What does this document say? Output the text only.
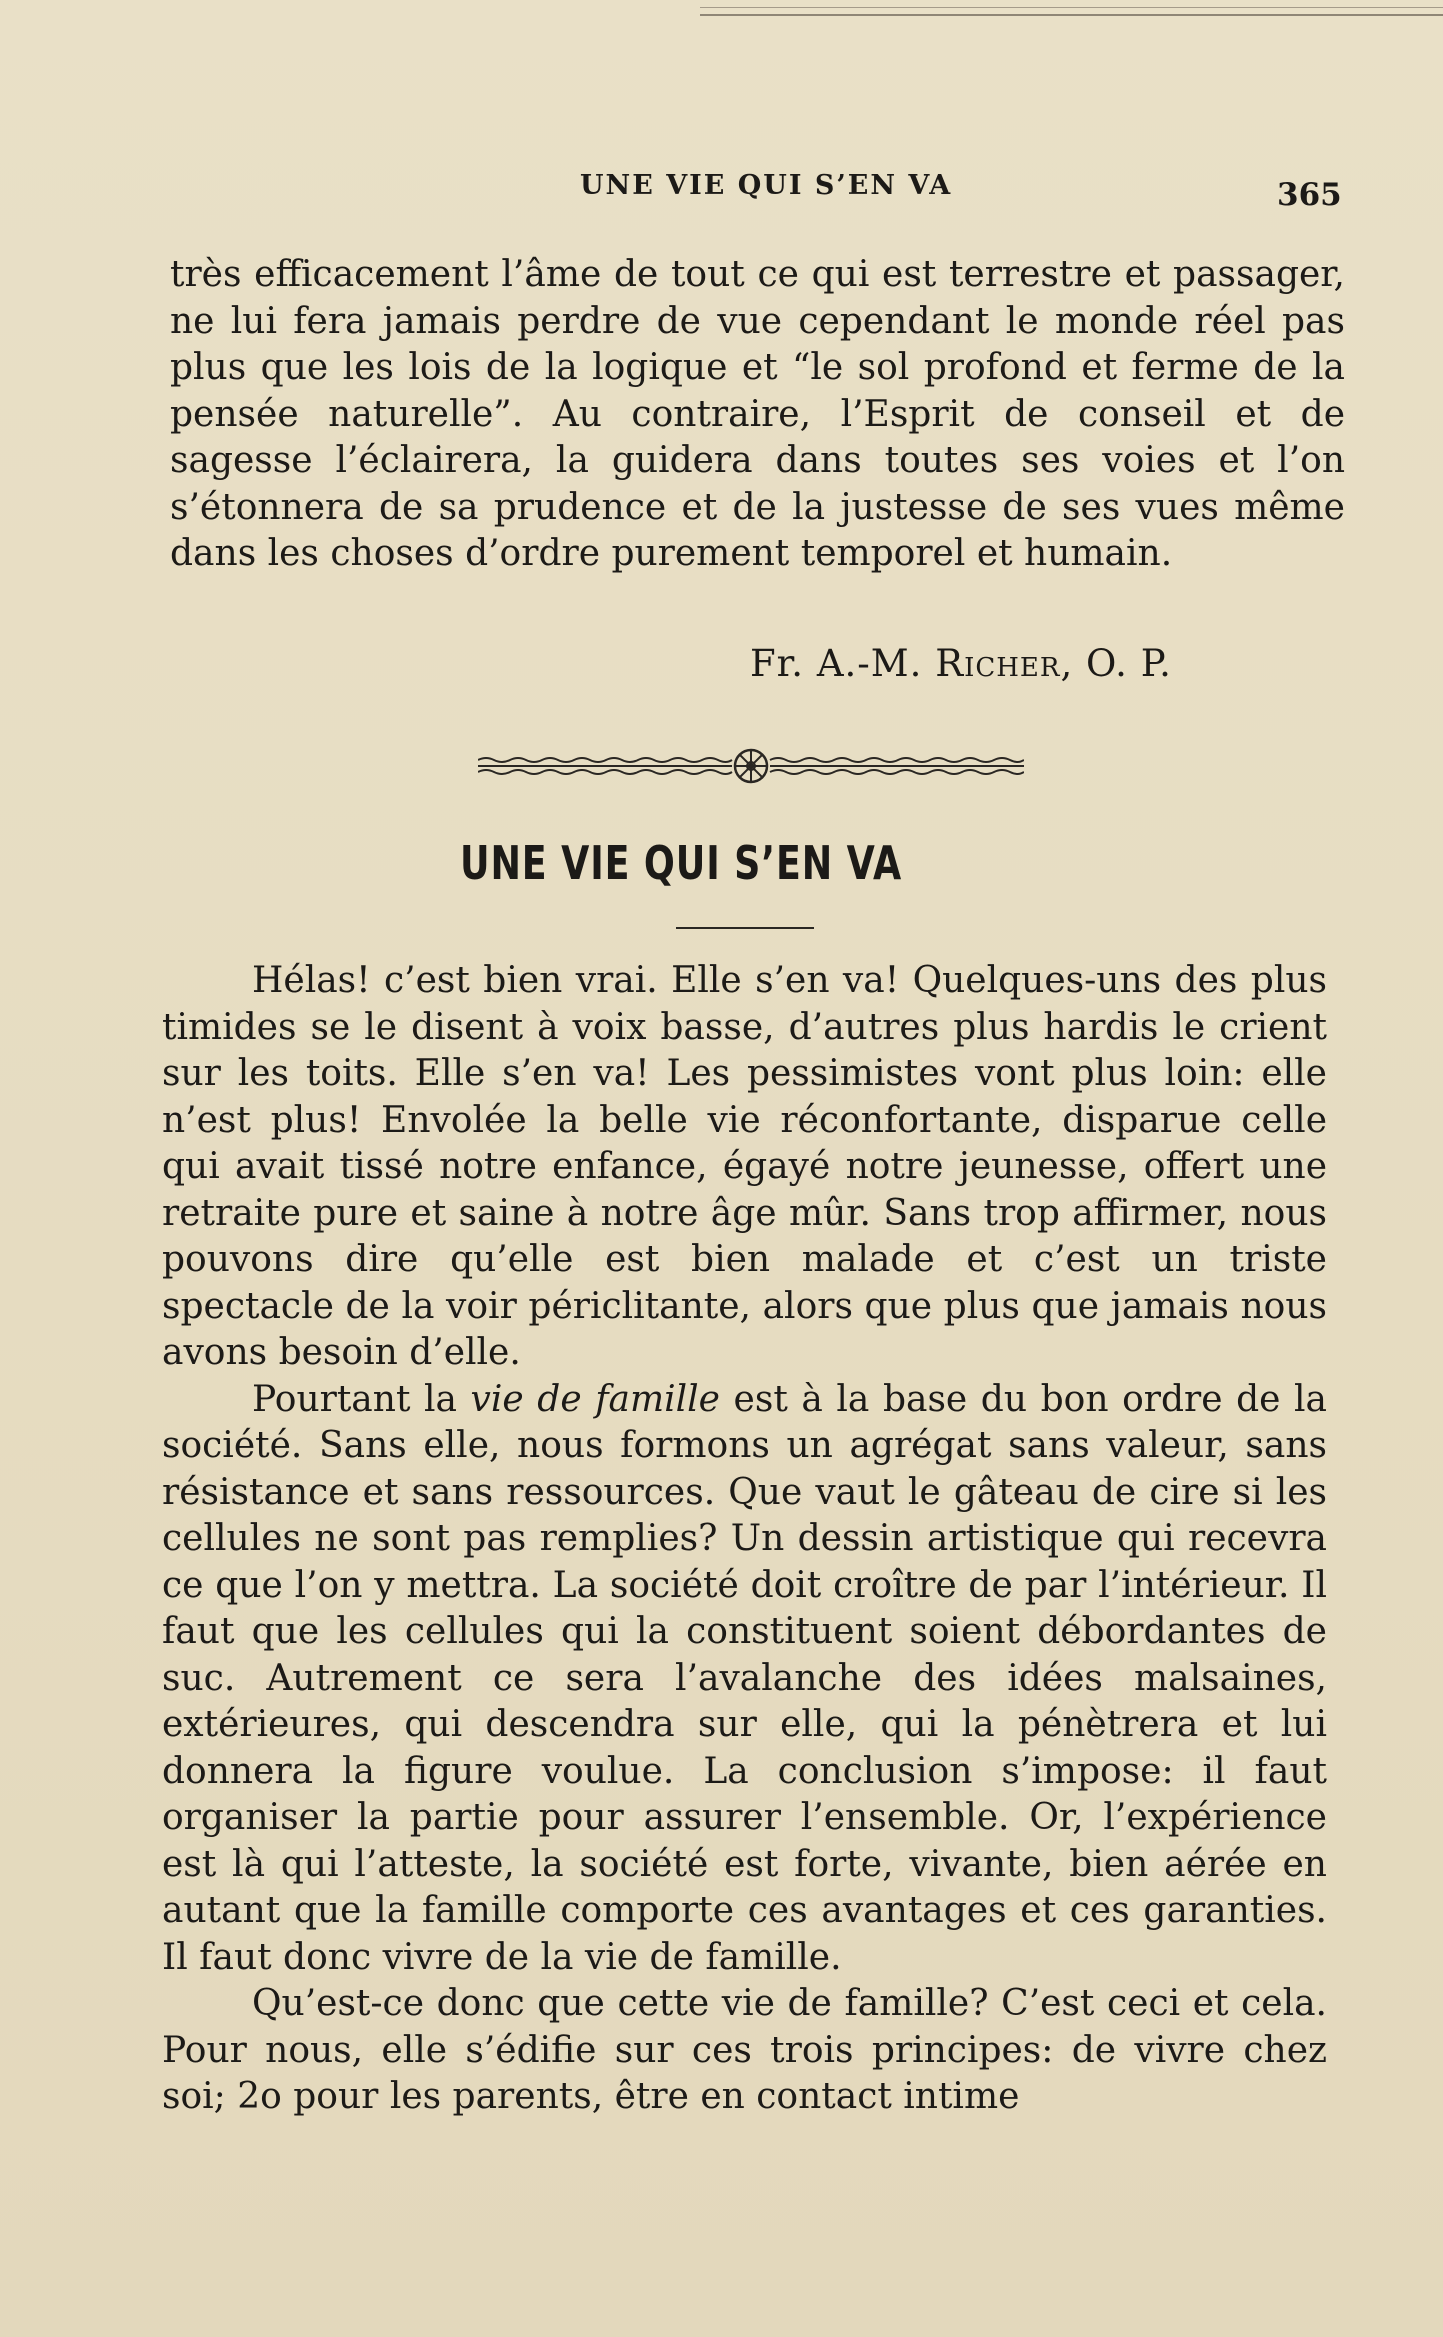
UNE VIE QUI S’EN VA	365

très efficacement l’âme de tout ce qui est terrestre et passager, ne lui fera jamais perdre de vue cependant le monde réel pas plus que les lois de la logique et “le sol profond et ferme de la pensée naturelle”. Au contraire, l’Esprit de conseil et de sagesse l’éclairera, la guidera dans toutes ses voies et l’on s’étonnera de sa prudence et de la justesse de ses vues même dans les choses d’ordre purement temporel et humain.

Fr. A.-M. Richer, O. P.
UNE VIE QUI S’EN VA

Hélas! c’est bien vrai. Elle s’en va! Quelques-uns des plus timides se le disent à voix basse, d’autres plus hardis le crient sur les toits. Elle s’en va! Les pessimistes vont plus loin: elle n’est plus! Envolée la belle vie réconfortante, disparue celle qui avait tissé notre enfance, égayé notre jeunesse, offert une retraite pure et saine à notre âge mûr. Sans trop affirmer, nous pouvons dire qu’elle est bien malade et c’est un triste spectacle de la voir périclitante, alors que plus que jamais nous avons besoin d’elle.

Pourtant la vie de famille est à la base du bon ordre de la société. Sans elle, nous formons un agrégat sans valeur, sans résistance et sans ressources. Que vaut le gâteau de cire si les cellules ne sont pas remplies? Un dessin artistique qui recevra ce que l’on y mettra. La société doit croître de par l’intérieur. Il faut que les cellules qui la constituent soient débordantes de suc. Autrement ce sera l’avalanche des idées malsaines, extérieures, qui descendra sur elle, qui la pénètrera et lui donnera la figure voulue. La conclusion s’impose: il faut organiser la partie pour assurer l’ensemble. Or, l’expérience est là qui l’atteste, la société est forte, vivante, bien aérée en autant que la famille comporte ces avantages et ces garanties. Il faut donc vivre de la vie de famille.

Qu’est-ce donc que cette vie de famille? C’est ceci et cela. Pour nous, elle s’édifie sur ces trois principes: de vivre chez soi; 2o pour les parents, être en contact intime
